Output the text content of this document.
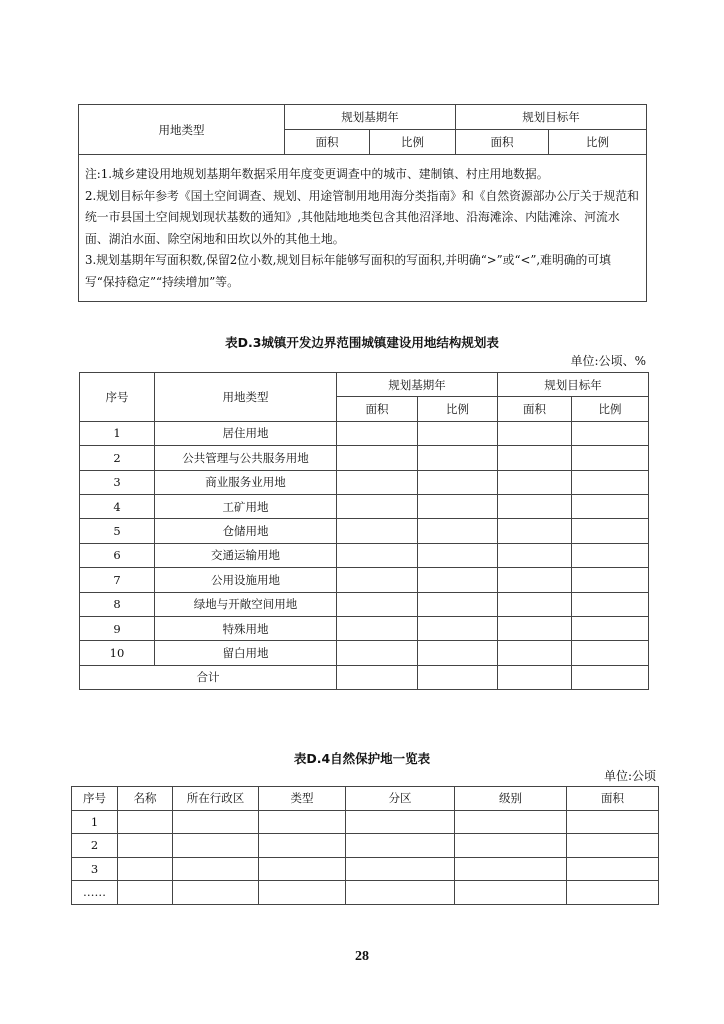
用地类型	规划基期年		规划目标年	
	面积	比例	面积	比例

注:1.城乡建设用地规划基期年数据采用年度变更调查中的城市、建制镇、村庄用地数据。
2.规划目标年参考《国土空间调查、规划、用途管制用地用海分类指南》和《自然资源部办公厅关于规范和统一市县国土空间规划现状基数的通知》,其他陆地地类包含其他沼泽地、沿海滩涂、内陆滩涂、河流水面、湖泊水面、除空闲地和田坎以外的其他土地。
3.规划基期年写面积数,保留2位小数,规划目标年能够写面积的写面积,并明确“>”或“<”,难明确的可填写“保持稳定”“持续增加”等。				
表D.3城镇开发边界范围城镇建设用地结构规划表
单位:公顷、%
序号	用地类型	规划基期年		规划目标年	
		面积	比例	面积	比例
1	居住用地				
2	公共管理与公共服务用地				
3	商业服务业用地				
4	工矿用地				
5	仓储用地				
6	交通运输用地				
7	公用设施用地				
8	绿地与开敞空间用地				
9	特殊用地				
10	留白用地				
合计					
表D.4自然保护地一览表
单位:公顷
序号	名称	所在行政区	类型	分区	级别	面积
1						
2						
3						
……						
28
